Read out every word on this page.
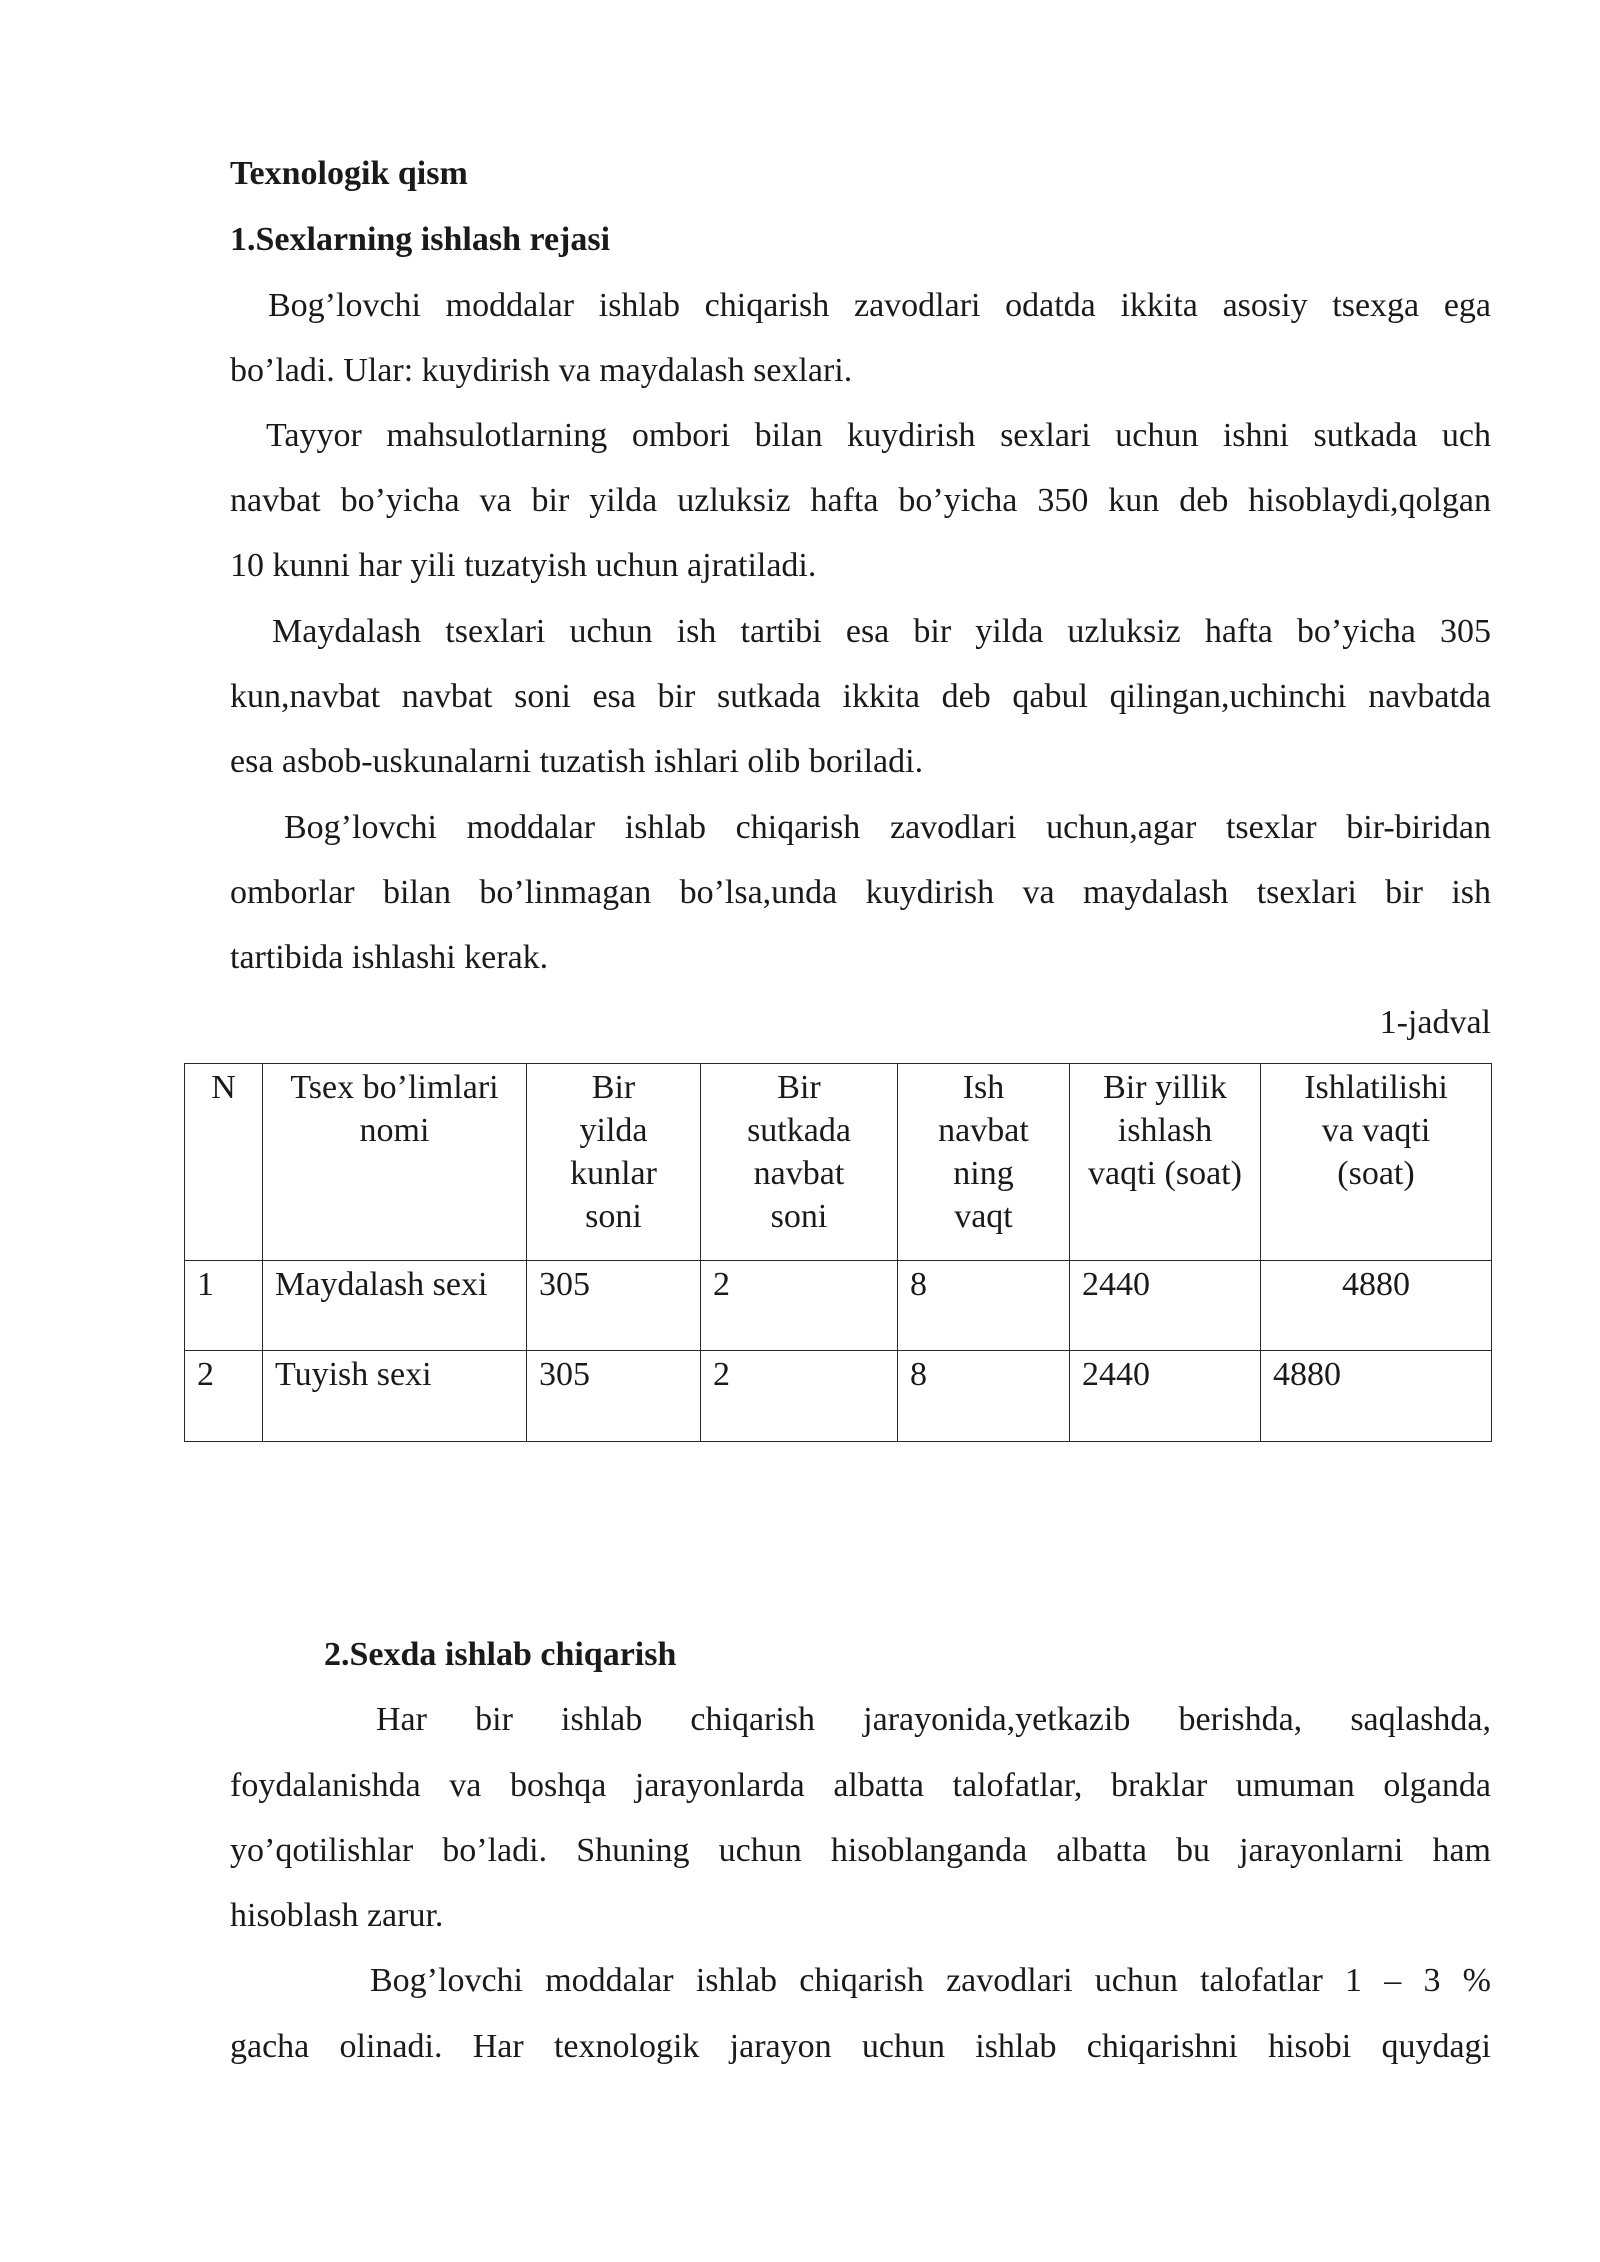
Texnologik qism
1.Sexlarning ishlash rejasi
Bog’lovchi moddalar ishlab chiqarish zavodlari odatda ikkita asosiy tsexga ega
bo’ladi. Ular: kuydirish va maydalash sexlari.
Tayyor mahsulotlarning ombori bilan kuydirish sexlari uchun ishni sutkada uch
navbat bo’yicha va bir yilda uzluksiz hafta bo’yicha 350 kun deb hisoblaydi,qolgan
10 kunni har yili tuzatyish uchun ajratiladi.
Maydalash tsexlari uchun ish tartibi esa bir yilda uzluksiz hafta bo’yicha 305
kun,navbat navbat soni esa bir sutkada ikkita deb qabul qilingan,uchinchi navbatda
esa asbob-uskunalarni tuzatish ishlari olib boriladi.
Bog’lovchi moddalar ishlab chiqarish zavodlari uchun,agar tsexlar bir-biridan
omborlar bilan bo’linmagan bo’lsa,unda kuydirish va maydalash tsexlari bir ish
tartibida ishlashi kerak.
1-jadval
N	Tsex bo’limlari nomi	Bir yilda kunlar soni	Bir sutkada navbat soni	Ish navbat ning vaqt	Bir yillik ishlash vaqti (soat)	Ishlatilishi va vaqti (soat)
1	Maydalash sexi	305	2	8	2440	4880
2	Tuyish sexi	305	2	8	2440	4880
2.Sexda ishlab chiqarish
Har bir ishlab chiqarish jarayonida,yetkazib berishda, saqlashda,
foydalanishda va boshqa jarayonlarda albatta talofatlar, braklar umuman olganda
yo’qotilishlar bo’ladi. Shuning uchun hisoblanganda albatta bu jarayonlarni ham
hisoblash zarur.
Bog’lovchi moddalar ishlab chiqarish zavodlari uchun talofatlar 1 – 3 %
gacha olinadi. Har texnologik jarayon uchun ishlab chiqarishni hisobi quydagi
